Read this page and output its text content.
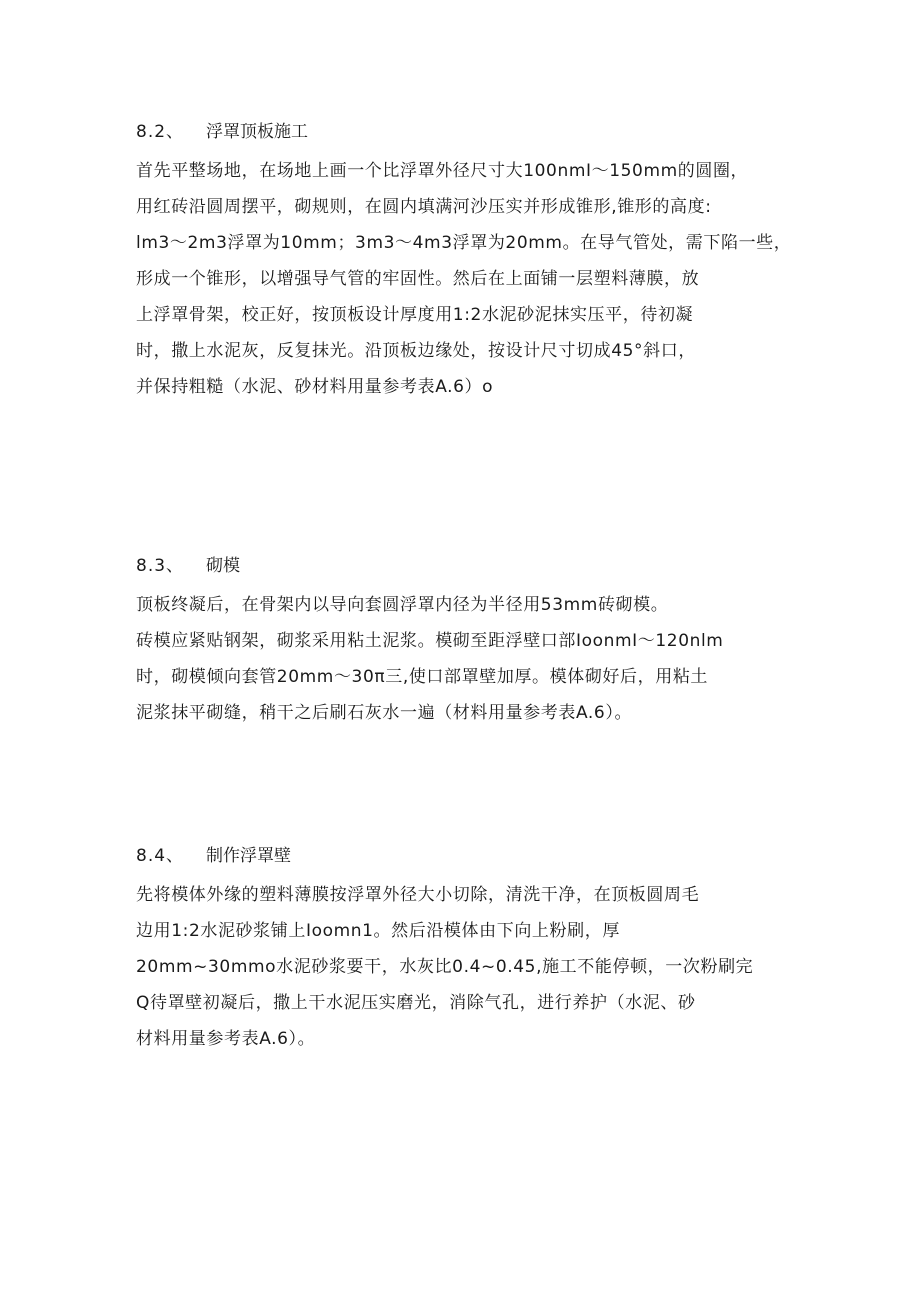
8.2、 浮罩顶板施工
首先平整场地，在场地上画一个比浮罩外径尺寸大100nmI～150mm的圆圈，
用红砖沿圆周摆平，砌规则，在圆内填满河沙压实并形成锥形,锥形的高度:
lm3～2m3浮罩为10mm；3m3～4m3浮罩为20mm。在导气管处，需下陷一些，
形成一个锥形，以增强导气管的牢固性。然后在上面铺一层塑料薄膜，放
上浮罩骨架，校正好，按顶板设计厚度用1:2水泥砂泥抹实压平，待初凝
时，撒上水泥灰，反复抹光。沿顶板边缘处，按设计尺寸切成45°斜口，
并保持粗糙（水泥、砂材料用量参考表A.6）o
8.3、 砌模
顶板终凝后，在骨架内以导向套圆浮罩内径为半径用53mm砖砌模。
砖模应紧贴钢架，砌浆采用粘土泥浆。模砌至距浮壁口部IoonmI～120nlm
时，砌模倾向套管20mm～30π三,使口部罩壁加厚。模体砌好后，用粘土
泥浆抹平砌缝，稍干之后刷石灰水一遍（材料用量参考表A.6）。
8.4、 制作浮罩壁
先将模体外缘的塑料薄膜按浮罩外径大小切除，清洗干净，在顶板圆周毛
边用1:2水泥砂浆铺上Ioomn1。然后沿模体由下向上粉刷，厚
20mm~30mmo水泥砂浆要干，水灰比0.4~0.45,施工不能停顿，一次粉刷完
Q待罩壁初凝后，撒上干水泥压实磨光，消除气孔，进行养护（水泥、砂
材料用量参考表A.6）。
